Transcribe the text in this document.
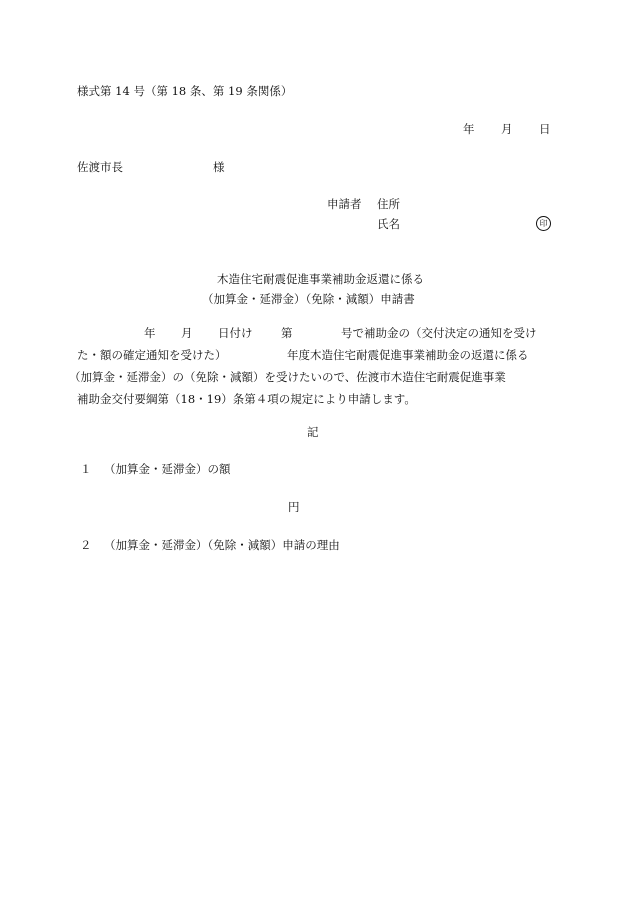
様式第 14 号（第 18 条、第 19 条関係）
年 月 日
佐渡市長	様
申請者 住所
氏名	印
木造住宅耐震促進事業補助金返還に係る
（加算金・延滞金）（免除・減額）申請書
年 月 日付け 第	号で補助金の（交付決定の通知を受け
た・額の確定通知を受けた）	年度木造住宅耐震促進事業補助金の返還に係る
（加算金・延滞金）の（免除・減額）を受けたいので、佐渡市木造住宅耐震促進事業
補助金交付要綱第（18・19）条第４項の規定により申請します。
記
１ （加算金・延滞金）の額
円
２ （加算金・延滞金）（免除・減額）申請の理由
